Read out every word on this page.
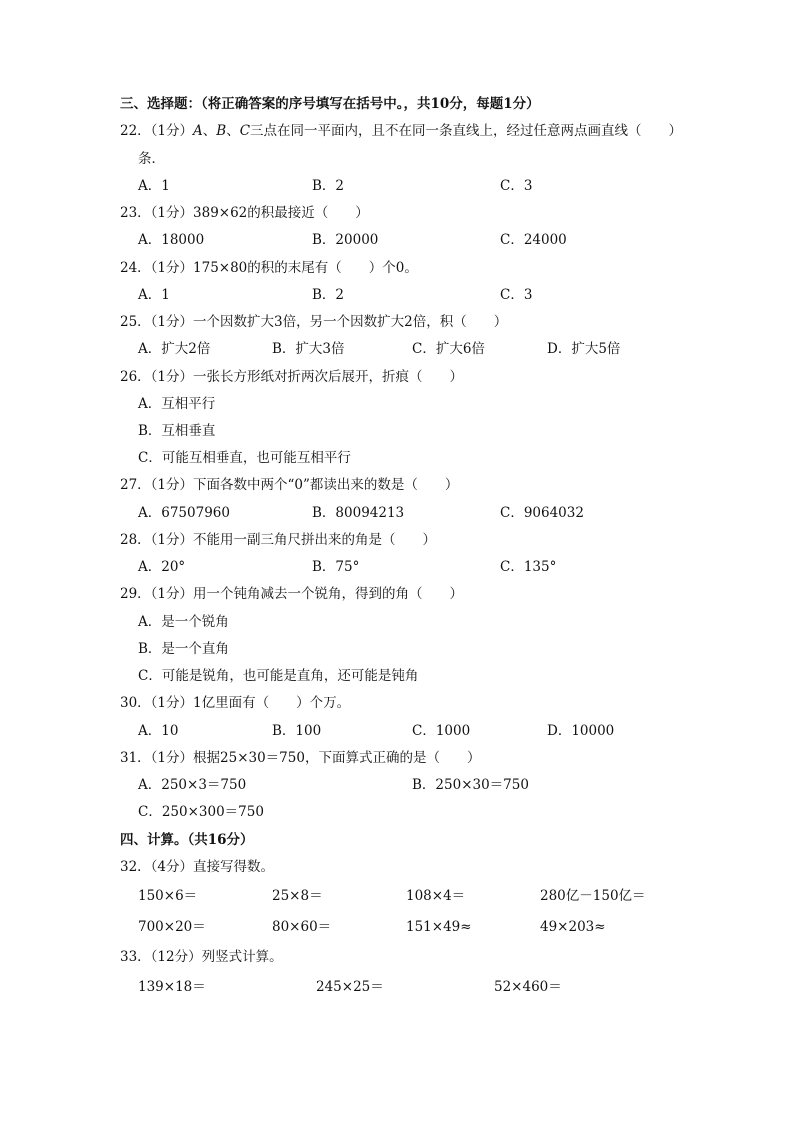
三、选择题：（将正确答案的序号填写在括号中。，共10分，每题1分）
22．（1分）A、B、C三点在同一平面内，且不在同一条直线上，经过任意两点画直线（　　）
条．
A．1	B．2	C．3
23．（1分）389×62的积最接近（　　）
A．18000	B．20000	C．24000
24．（1分）175×80的积的末尾有（　　）个0。
A．1	B．2	C．3
25．（1分）一个因数扩大3倍，另一个因数扩大2倍，积（　　）
A．扩大2倍	B．扩大3倍	C．扩大6倍	D．扩大5倍
26．（1分）一张长方形纸对折两次后展开，折痕（　　）
A．互相平行
B．互相垂直
C．可能互相垂直，也可能互相平行
27．（1分）下面各数中两个“0”都读出来的数是（　　）
A．67507960	B．80094213	C．9064032
28．（1分）不能用一副三角尺拼出来的角是（　　）
A．20°	B．75°	C．135°
29．（1分）用一个钝角减去一个锐角，得到的角（　　）
A．是一个锐角
B．是一个直角
C．可能是锐角，也可能是直角，还可能是钝角
30．（1分）1亿里面有（　　）个万。
A．10	B．100	C．1000	D．10000
31．（1分）根据25×30＝750，下面算式正确的是（　　）
A．250×3＝750	B．250×30＝750
C．250×300＝750
四、计算。（共16分）
32．（4分）直接写得数。
150×6＝	25×8＝	108×4＝	280亿－150亿＝
700×20＝	80×60＝	151×49≈	49×203≈
33．（12分）列竖式计算。
139×18＝	245×25＝	52×460＝
